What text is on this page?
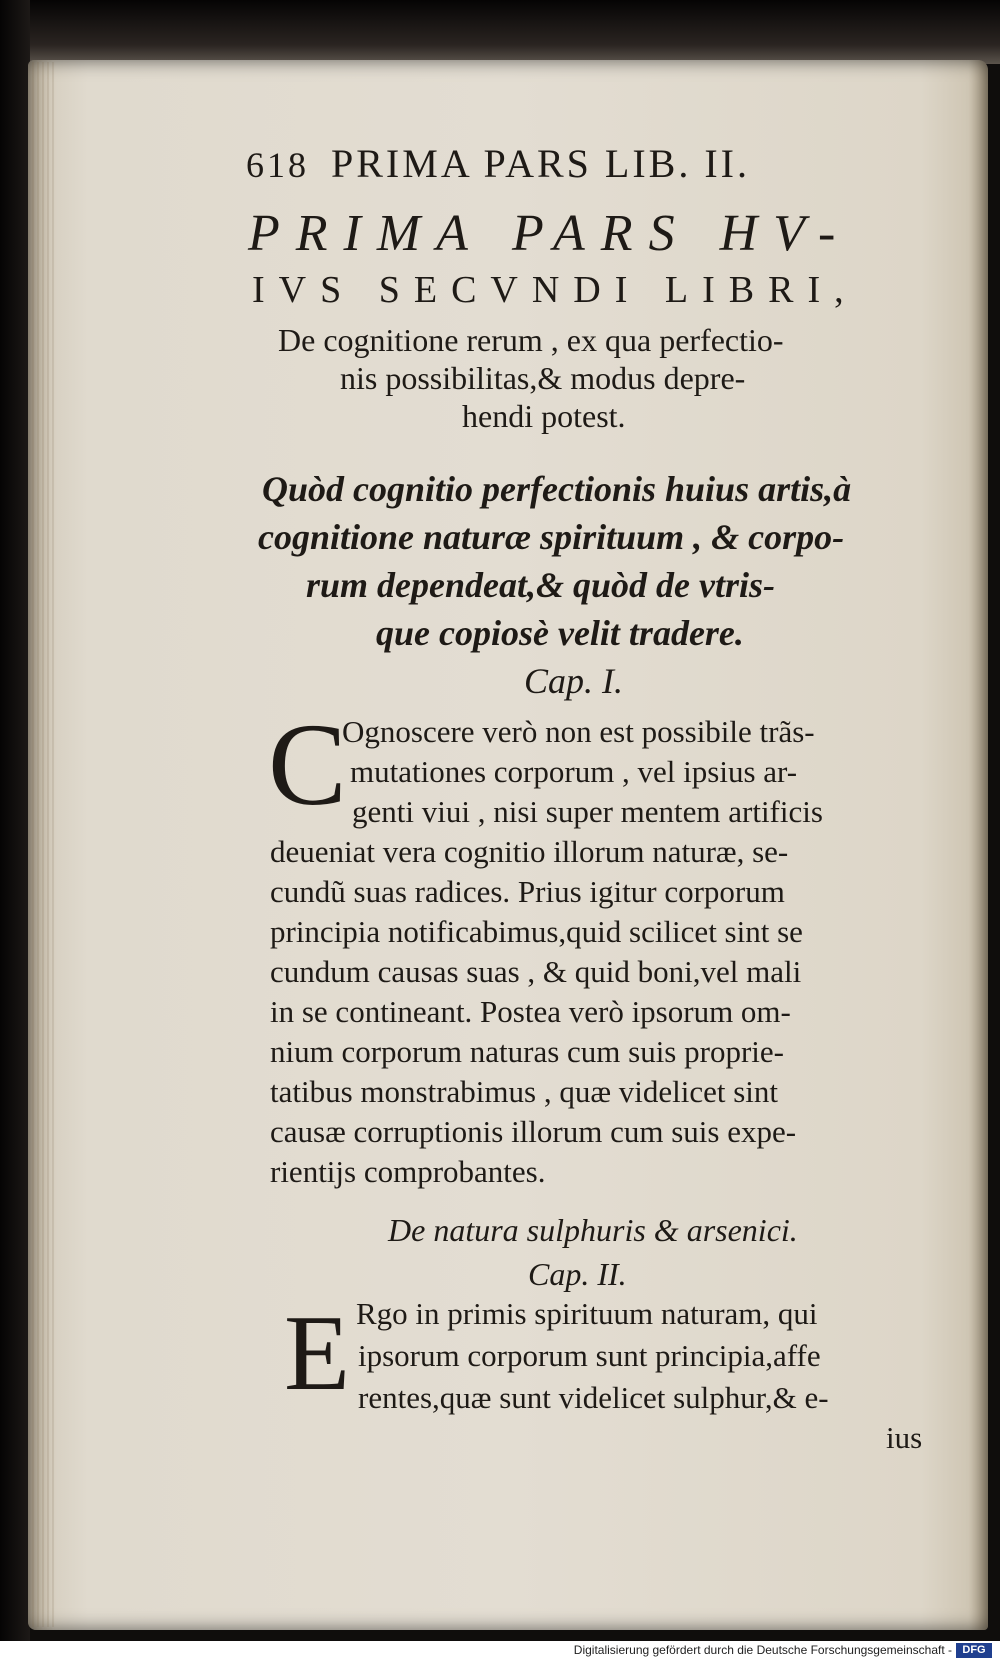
618 PRIMA PARS LIB. II.
PRIMA PARS HV-
IVS SECVNDI LIBRI,
De cognitione rerum , ex qua perfectio-
nis possibilitas,& modus depre-
hendi potest.
Quòd cognitio perfectionis huius artis,à
cognitione naturæ spirituum , & corpo-
rum dependeat,& quòd de vtris-
que copiosè velit tradere.
Cap. I.
C
Ognoscere verò non est possibile trãs-
mutationes corporum , vel ipsius ar-
genti viui , nisi super mentem artificis
deueniat vera cognitio illorum naturæ, se-
cundũ suas radices. Prius igitur corporum
principia notificabimus,quid scilicet sint se
cundum causas suas , & quid boni,vel mali
in se contineant. Postea verò ipsorum om-
nium corporum naturas cum suis proprie-
tatibus monstrabimus , quæ videlicet sint
causæ corruptionis illorum cum suis expe-
rientijs comprobantes.
De natura sulphuris & arsenici.
Cap. II.
E Rgo in primis spirituum naturam, qui
ipsorum corporum sunt principia,affe
rentes,quæ sunt videlicet sulphur,& e-
ius
Digitalisierung gefördert durch die Deutsche Forschungsgemeinschaft - DFG
